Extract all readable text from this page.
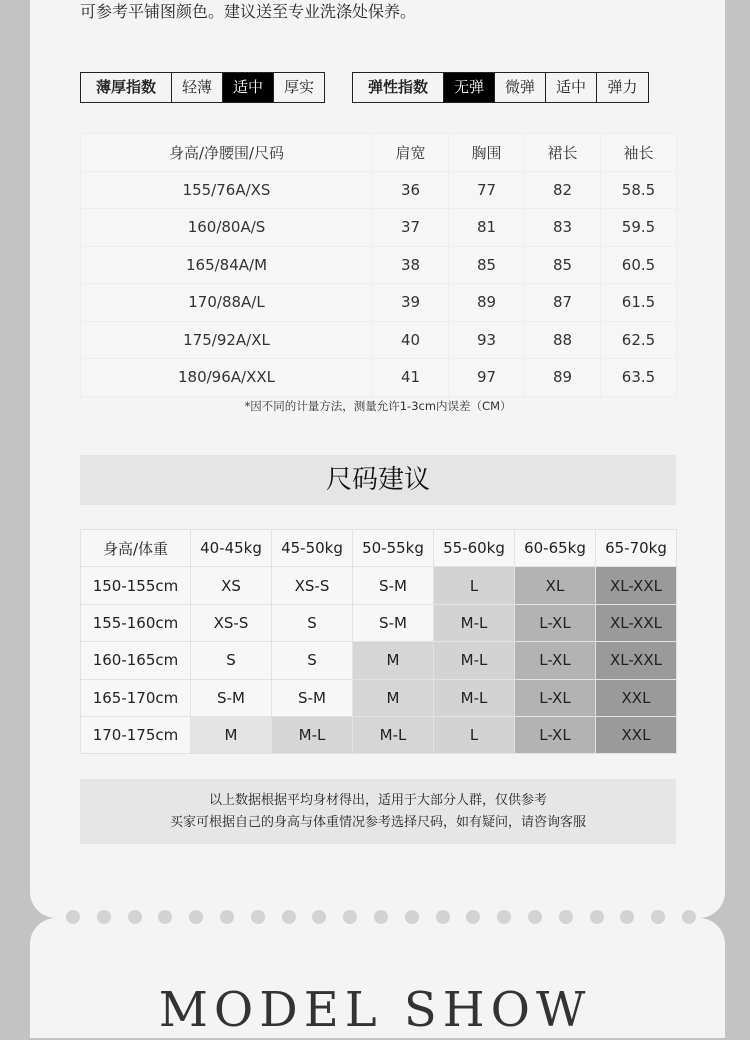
可参考平铺图颜色。建议送至专业洗涤处保养。
薄厚指数	轻薄	适中	厚实	弹性指数	无弹	微弹	适中	弹力
身高/净腰围/尺码	肩宽	胸围	裙长	袖长
155/76A/XS	36	77	82	58.5
160/80A/S	37	81	83	59.5
165/84A/M	38	85	85	60.5
170/88A/L	39	89	87	61.5
175/92A/XL	40	93	88	62.5
180/96A/XXL	41	97	89	63.5
*因不同的计量方法，测量允许1-3cm内误差（CM）
尺码建议
身高/体重	40-45kg	45-50kg	50-55kg	55-60kg	60-65kg	65-70kg
150-155cm	XS	XS-S	S-M	L	XL	XL-XXL
155-160cm	XS-S	S	S-M	M-L	L-XL	XL-XXL
160-165cm	S	S	M	M-L	L-XL	XL-XXL
165-170cm	S-M	S-M	M	M-L	L-XL	XXL
170-175cm	M	M-L	M-L	L	L-XL	XXL
以上数据根据平均身材得出，适用于大部分人群，仅供参考
买家可根据自己的身高与体重情况参考选择尺码，如有疑问，请咨询客服
MODEL SHOW
